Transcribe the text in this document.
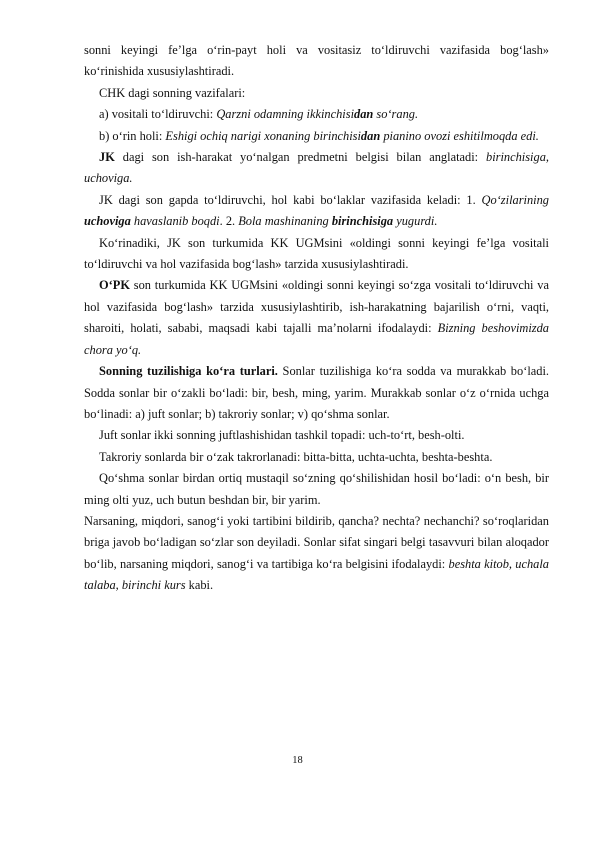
sonni keyingi fe’lga o‘rin-payt holi va vositasiz to‘ldiruvchi vazifasida bog‘lash» ko‘rinishida xususiylashtiradi.

CHK dagi sonning vazifalari:

a) vositali to‘ldiruvchi: Qarzni odamning ikkinchisidan so‘rang.

b) o‘rin holi: Eshigi ochiq narigi xonaning birinchisidan pianino ovozi eshitilmoqda edi.

JK dagi son ish-harakat yo‘nalgan predmetni belgisi bilan anglatadi: birinchisiga, uchoviga.

JK dagi son gapda to‘ldiruvchi, hol kabi bo‘laklar vazifasida keladi: 1. Qo‘zilarining uchoviga havaslanib boqdi. 2. Bola mashinaning birinchisiga yugurdi.

Ko‘rinadiki, JK son turkumida KK UGMsini «oldingi sonni keyingi fe’lga vositali to‘ldiruvchi va hol vazifasida bog‘lash» tarzida xususiylashtiradi.

O‘PK son turkumida KK UGMsini «oldingi sonni keyingi so‘zga vositali to‘ldiruvchi va hol vazifasida bog‘lash» tarzida xususiylashtirib, ish-harakatning bajarilish o‘rni, vaqti, sharoiti, holati, sababi, maqsadi kabi tajalli ma’nolarni ifodalaydi: Bizning beshovimizda chora yo‘q.

Sonning tuzilishiga ko‘ra turlari. Sonlar tuzilishiga ko‘ra sodda va murakkab bo‘ladi. Sodda sonlar bir o‘zakli bo‘ladi: bir, besh, ming, yarim. Murakkab sonlar o‘z o‘rnida uchga bo‘linadi: a) juft sonlar; b) takroriy sonlar; v) qo‘shma sonlar.

Juft sonlar ikki sonning juftlashishidan tashkil topadi: uch-to‘rt, besh-olti.

Takroriy sonlarda bir o‘zak takrorlanadi: bitta-bitta, uchta-uchta, beshta-beshta.

Qo‘shma sonlar birdan ortiq mustaqil so‘zning qo‘shilishidan hosil bo‘ladi: o‘n besh, bir ming olti yuz, uch butun beshdan bir, bir yarim.

Narsaning, miqdori, sanog‘i yoki tartibini bildirib, qancha? nechta? nechanchi? so‘roqlaridan briga javob bo‘ladigan so‘zlar son deyiladi. Sonlar sifat singari belgi tasavvuri bilan aloqador bo‘lib, narsaning miqdori, sanog‘i va tartibiga ko‘ra belgisini ifodalaydi: beshta kitob, uchala talaba, birinchi kurs kabi.

18
